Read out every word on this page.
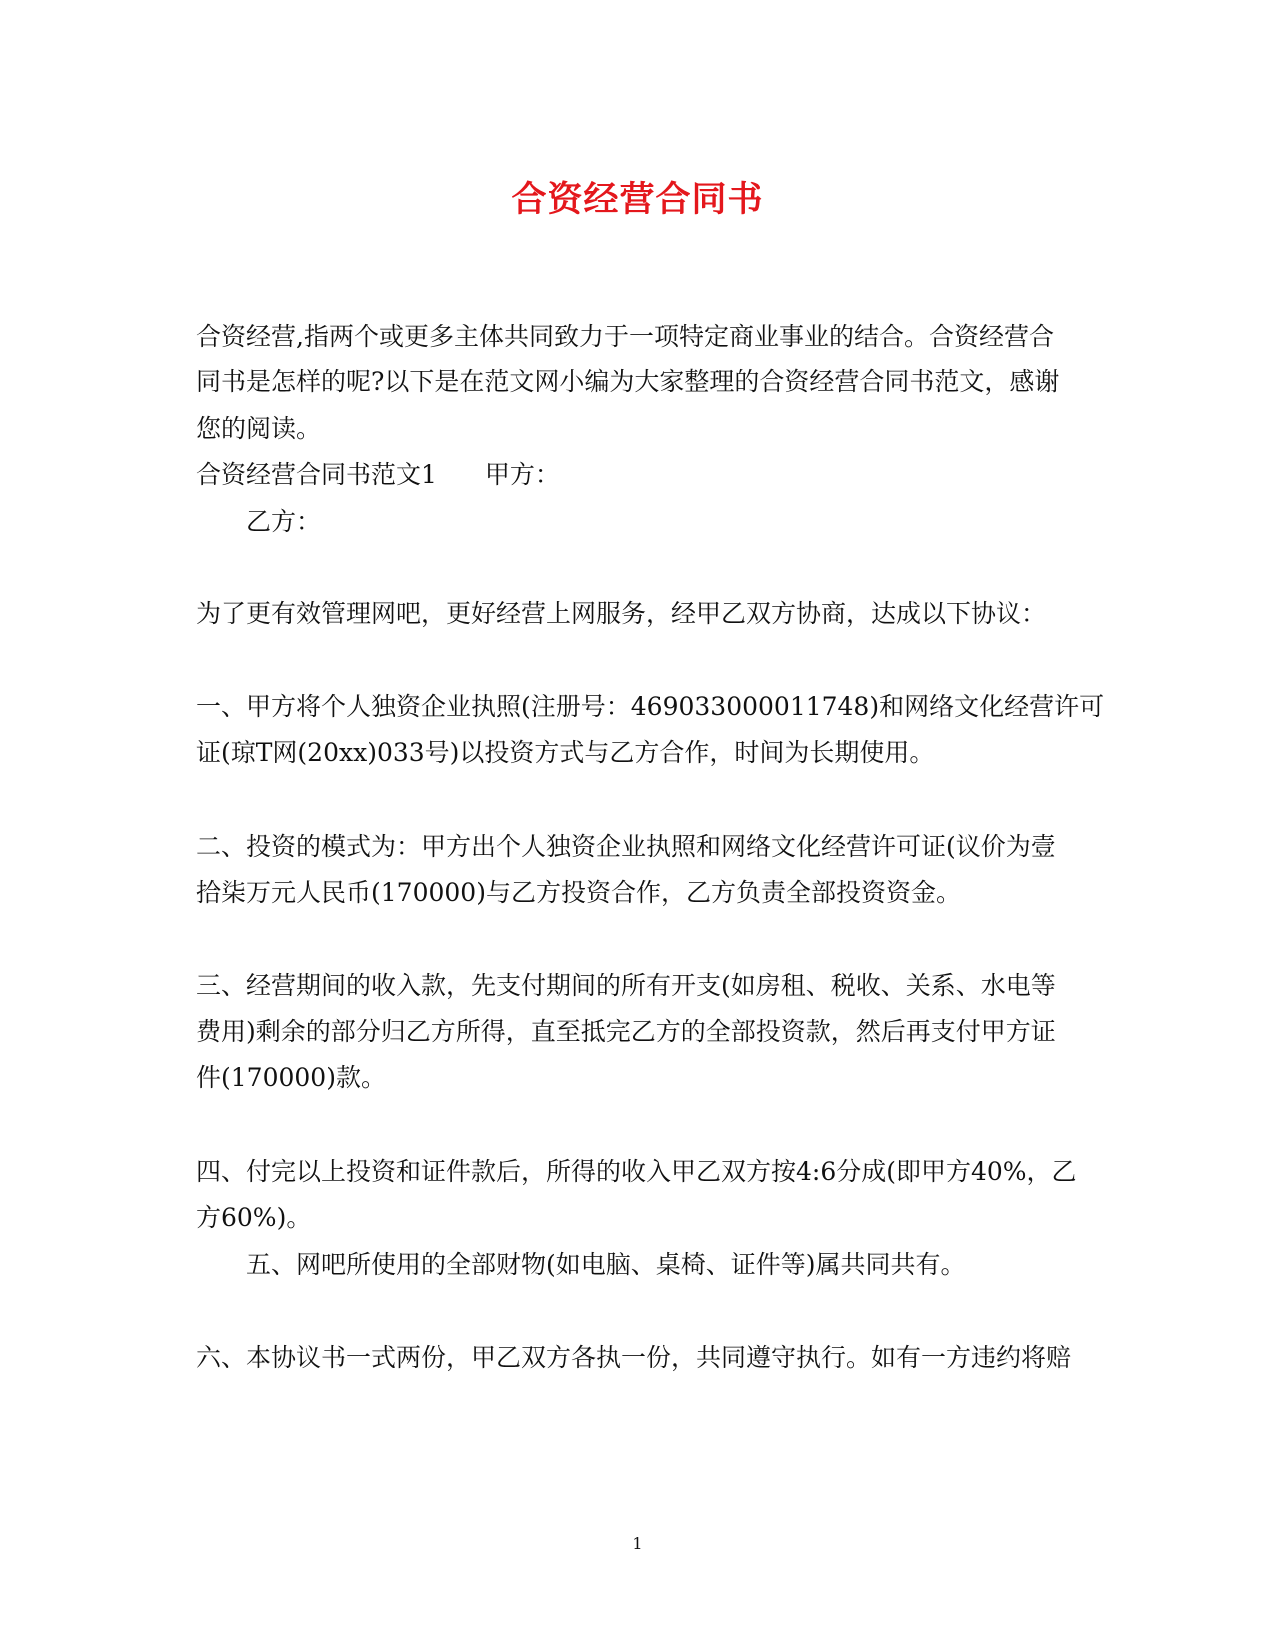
合资经营合同书
合资经营,指两个或更多主体共同致力于一项特定商业事业的结合。合资经营合
同书是怎样的呢?以下是在范文网小编为大家整理的合资经营合同书范文，感谢
您的阅读。
合资经营合同书范文1 甲方：
乙方：
为了更有效管理网吧，更好经营上网服务，经甲乙双方协商，达成以下协议：
一、甲方将个人独资企业执照(注册号：469033000011748)和网络文化经营许可
证(琼T网(20xx)033号)以投资方式与乙方合作，时间为长期使用。
二、投资的模式为：甲方出个人独资企业执照和网络文化经营许可证(议价为壹
拾柒万元人民币(170000)与乙方投资合作，乙方负责全部投资资金。
三、经营期间的收入款，先支付期间的所有开支(如房租、税收、关系、水电等
费用)剩余的部分归乙方所得，直至抵完乙方的全部投资款，然后再支付甲方证
件(170000)款。
四、付完以上投资和证件款后，所得的收入甲乙双方按4:6分成(即甲方40%，乙
方60%)。
五、网吧所使用的全部财物(如电脑、桌椅、证件等)属共同共有。
六、本协议书一式两份，甲乙双方各执一份，共同遵守执行。如有一方违约将赔
1
